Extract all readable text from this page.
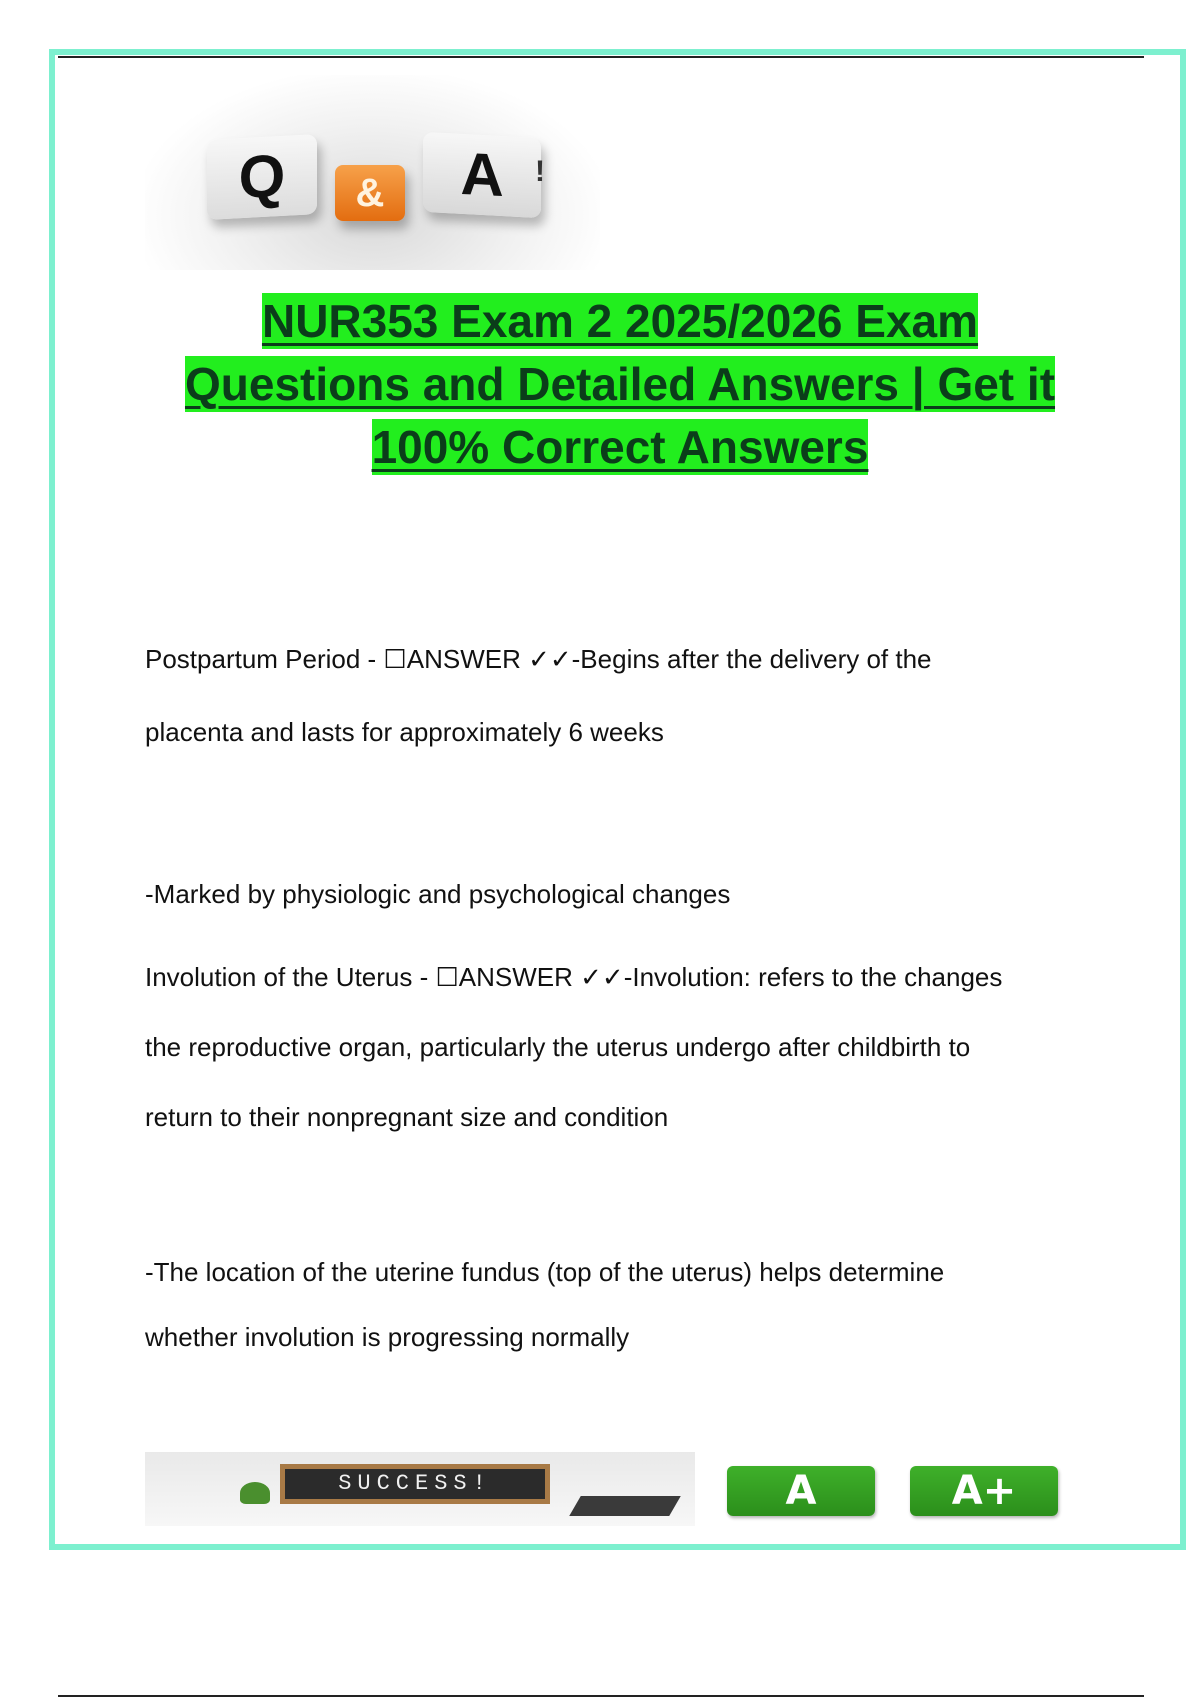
Q	&	A	!
NUR353 Exam 2 2025/2026 Exam
Questions and Detailed Answers | Get it
100% Correct Answers
Postpartum Period - ☐ANSWER ✓✓-Begins after the delivery of the
placenta and lasts for approximately 6 weeks
-Marked by physiologic and psychological changes
Involution of the Uterus - ☐ANSWER ✓✓-Involution: refers to the changes
the reproductive organ, particularly the uterus undergo after childbirth to
return to their nonpregnant size and condition
-The location of the uterine fundus (top of the uterus) helps determine
whether involution is progressing normally
SUCCESS!	A	A+
